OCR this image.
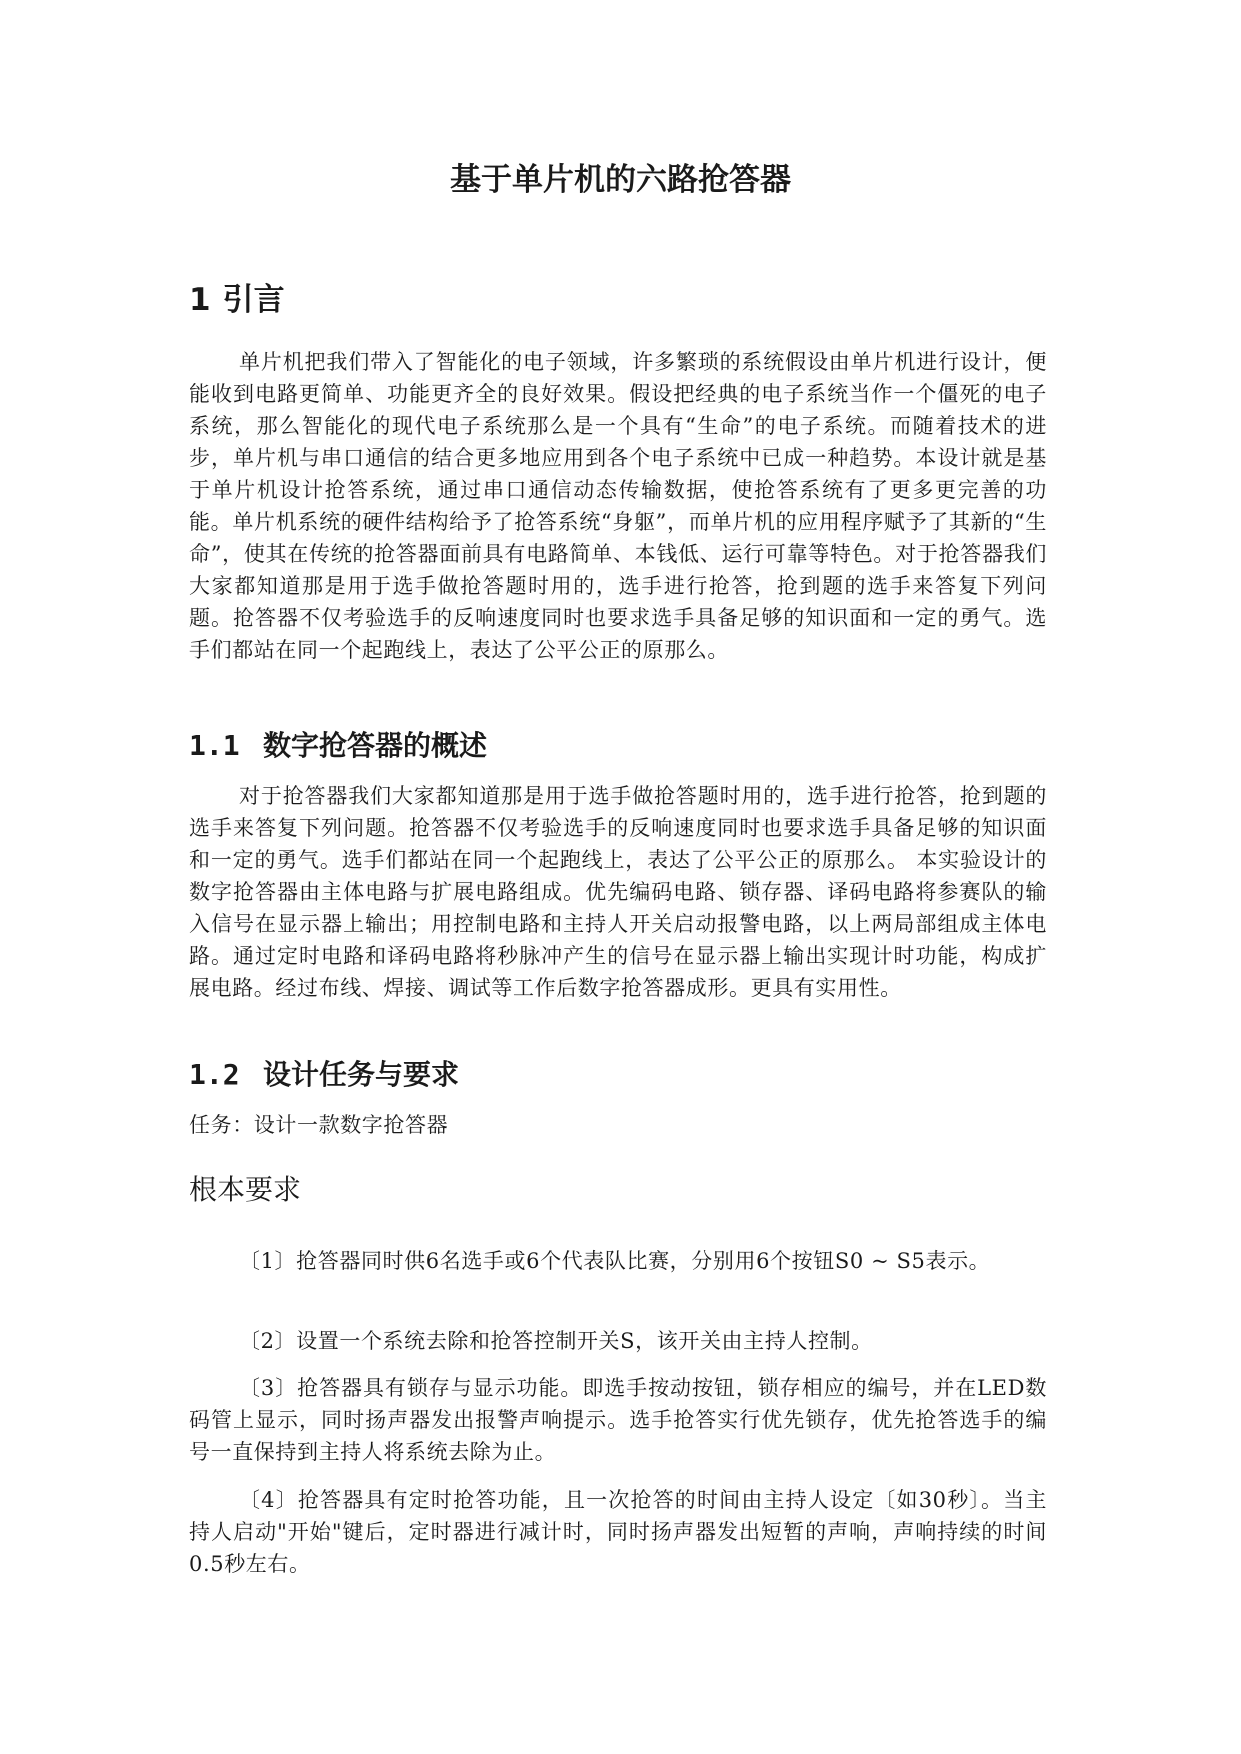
基于单片机的六路抢答器
1 引言

单片机把我们带入了智能化的电子领域，许多繁琐的系统假设由单片机进行设计，便能收到电路更简单、功能更齐全的良好效果。假设把经典的电子系统当作一个僵死的电子系统，那么智能化的现代电子系统那么是一个具有“生命”的电子系统。而随着技术的进步，单片机与串口通信的结合更多地应用到各个电子系统中已成一种趋势。本设计就是基于单片机设计抢答系统，通过串口通信动态传输数据，使抢答系统有了更多更完善的功能。单片机系统的硬件结构给予了抢答系统“身躯”，而单片机的应用程序赋予了其新的“生命”，使其在传统的抢答器面前具有电路简单、本钱低、运行可靠等特色。对于抢答器我们大家都知道那是用于选手做抢答题时用的，选手进行抢答，抢到题的选手来答复下列问题。抢答器不仅考验选手的反响速度同时也要求选手具备足够的知识面和一定的勇气。选手们都站在同一个起跑线上，表达了公平公正的原那么。

1.1 数字抢答器的概述

对于抢答器我们大家都知道那是用于选手做抢答题时用的，选手进行抢答，抢到题的选手来答复下列问题。抢答器不仅考验选手的反响速度同时也要求选手具备足够的知识面和一定的勇气。选手们都站在同一个起跑线上，表达了公平公正的原那么。 本实验设计的数字抢答器由主体电路与扩展电路组成。优先编码电路、锁存器、译码电路将参赛队的输入信号在显示器上输出；用控制电路和主持人开关启动报警电路，以上两局部组成主体电路。通过定时电路和译码电路将秒脉冲产生的信号在显示器上输出实现计时功能，构成扩展电路。经过布线、焊接、调试等工作后数字抢答器成形。更具有实用性。

1.2 设计任务与要求

任务：设计一款数字抢答器

根本要求

〔1〕抢答器同时供6名选手或6个代表队比赛，分别用6个按钮S0 ~ S5表示。

〔2〕设置一个系统去除和抢答控制开关S，该开关由主持人控制。

〔3〕抢答器具有锁存与显示功能。即选手按动按钮，锁存相应的编号，并在LED数码管上显示，同时扬声器发出报警声响提示。选手抢答实行优先锁存，优先抢答选手的编号一直保持到主持人将系统去除为止。

〔4〕抢答器具有定时抢答功能，且一次抢答的时间由主持人设定〔如30秒〕。当主持人启动"开始"键后，定时器进行减计时，同时扬声器发出短暂的声响，声响持续的时间0.5秒左右。
